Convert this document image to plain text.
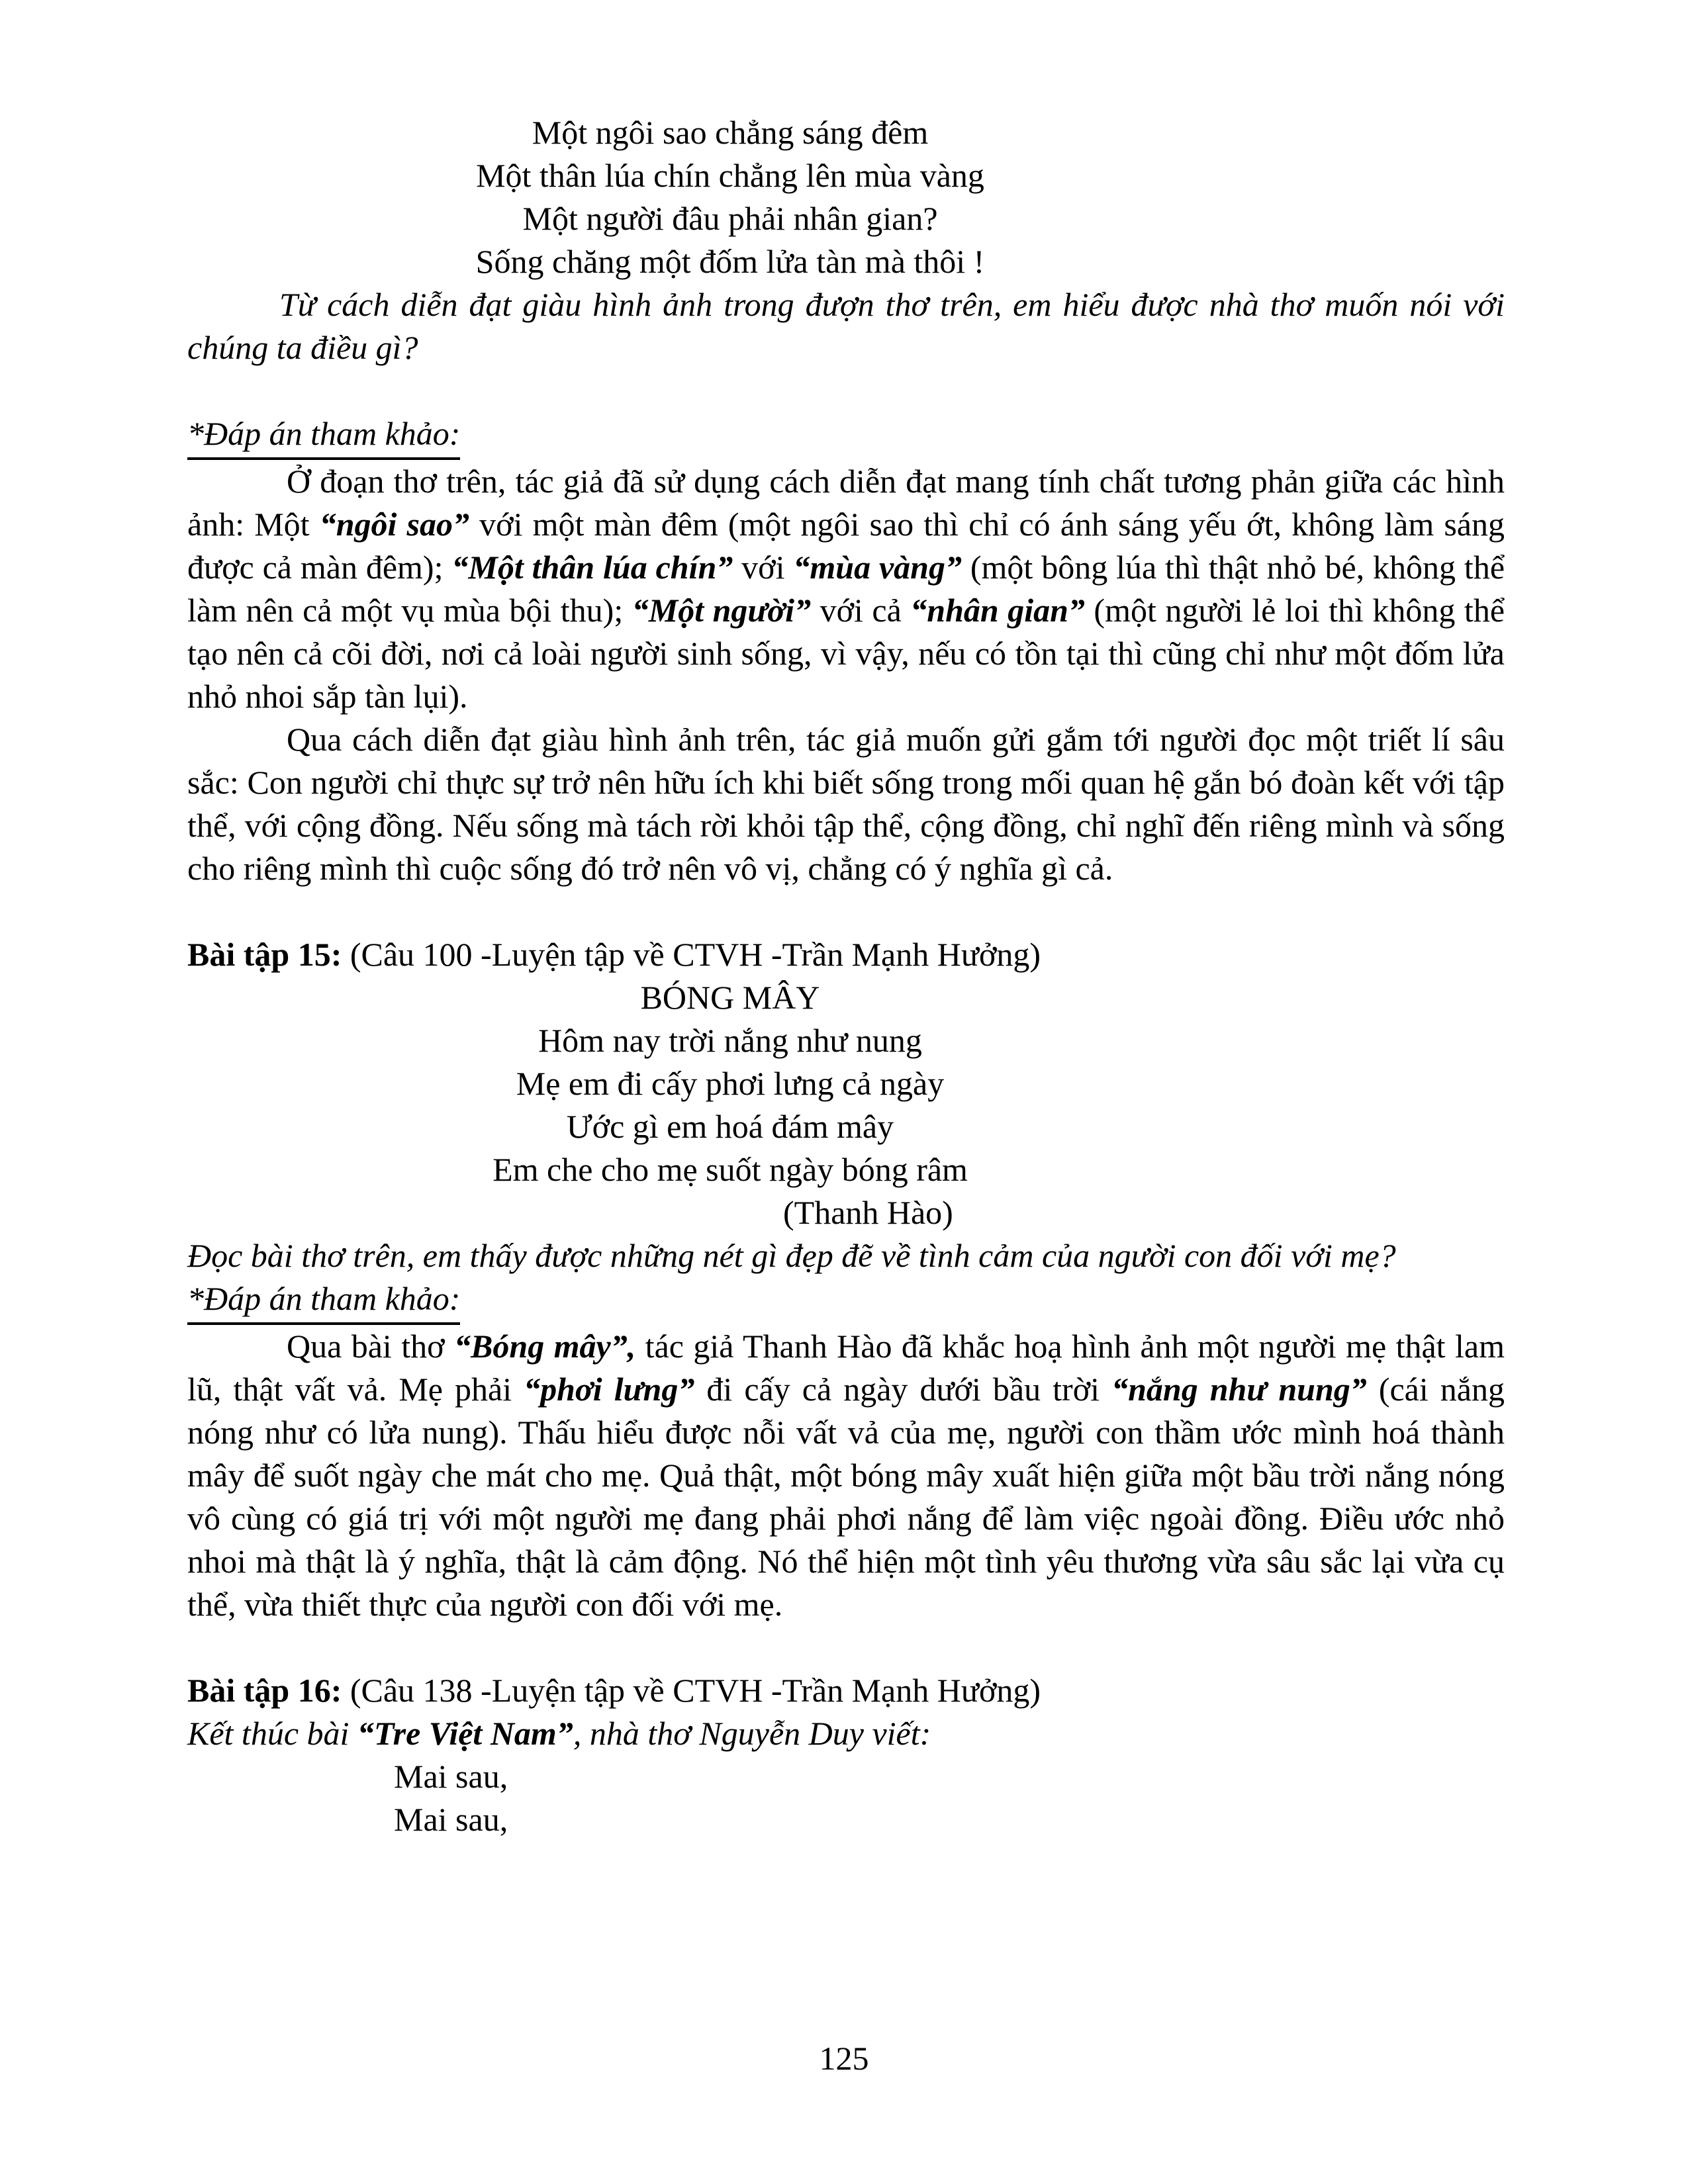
Một ngôi sao chẳng sáng đêm

Một thân lúa chín chẳng lên mùa vàng

Một người đâu phải nhân gian?

Sống chăng một đốm lửa tàn mà thôi !

Từ cách diễn đạt giàu hình ảnh trong đượn thơ trên, em hiểu được nhà thơ muốn nói với chúng ta điều gì?

*Đáp án tham khảo:

Ở đoạn thơ trên, tác giả đã sử dụng cách diễn đạt mang tính chất tương phản giữa các hình ảnh: Một “ngôi sao” với một màn đêm (một ngôi sao thì chỉ có ánh sáng yếu ớt, không làm sáng được cả màn đêm); “Một thân lúa chín” với “mùa vàng” (một bông lúa thì thật nhỏ bé, không thể làm nên cả một vụ mùa bội thu); “Một người” với cả “nhân gian” (một người lẻ loi thì không thể tạo nên cả cõi đời, nơi cả loài người sinh sống, vì vậy, nếu có tồn tại thì cũng chỉ như một đốm lửa nhỏ nhoi sắp tàn lụi).

Qua cách diễn đạt giàu hình ảnh trên, tác giả muốn gửi gắm tới người đọc một triết lí sâu sắc: Con người chỉ thực sự trở nên hữu ích khi biết sống trong mối quan hệ gắn bó đoàn kết với tập thể, với cộng đồng. Nếu sống mà tách rời khỏi tập thể, cộng đồng, chỉ nghĩ đến riêng mình và sống cho riêng mình thì cuộc sống đó trở nên vô vị, chẳng có ý nghĩa gì cả.

Bài tập 15: (Câu 100 -Luyện tập về CTVH -Trần Mạnh Hưởng)

BÓNG MÂY

Hôm nay trời nắng như nung

Mẹ em đi cấy phơi lưng cả ngày

Ước gì em hoá đám mây

Em che cho mẹ suốt ngày bóng râm

(Thanh Hào)

Đọc bài thơ trên, em thấy được những nét gì đẹp đẽ về tình cảm của người con đối với mẹ?

*Đáp án tham khảo:

Qua bài thơ “Bóng mây”, tác giả Thanh Hào đã khắc hoạ hình ảnh một người mẹ thật lam lũ, thật vất vả. Mẹ phải “phơi lưng” đi cấy cả ngày dưới bầu trời “nắng như nung” (cái nắng nóng như có lửa nung). Thấu hiểu được nỗi vất vả của mẹ, người con thầm ước mình hoá thành mây để suốt ngày che mát cho mẹ. Quả thật, một bóng mây xuất hiện giữa một bầu trời nắng nóng vô cùng có giá trị với một người mẹ đang phải phơi nắng để làm việc ngoài đồng. Điều ước nhỏ nhoi mà thật là ý nghĩa, thật là cảm động. Nó thể hiện một tình yêu thương vừa sâu sắc lại vừa cụ thể, vừa thiết thực của người con đối với mẹ.

Bài tập 16: (Câu 138 -Luyện tập về CTVH -Trần Mạnh Hưởng)

Kết thúc bài “Tre Việt Nam”, nhà thơ Nguyễn Duy viết:

Mai sau,

Mai sau,

125
